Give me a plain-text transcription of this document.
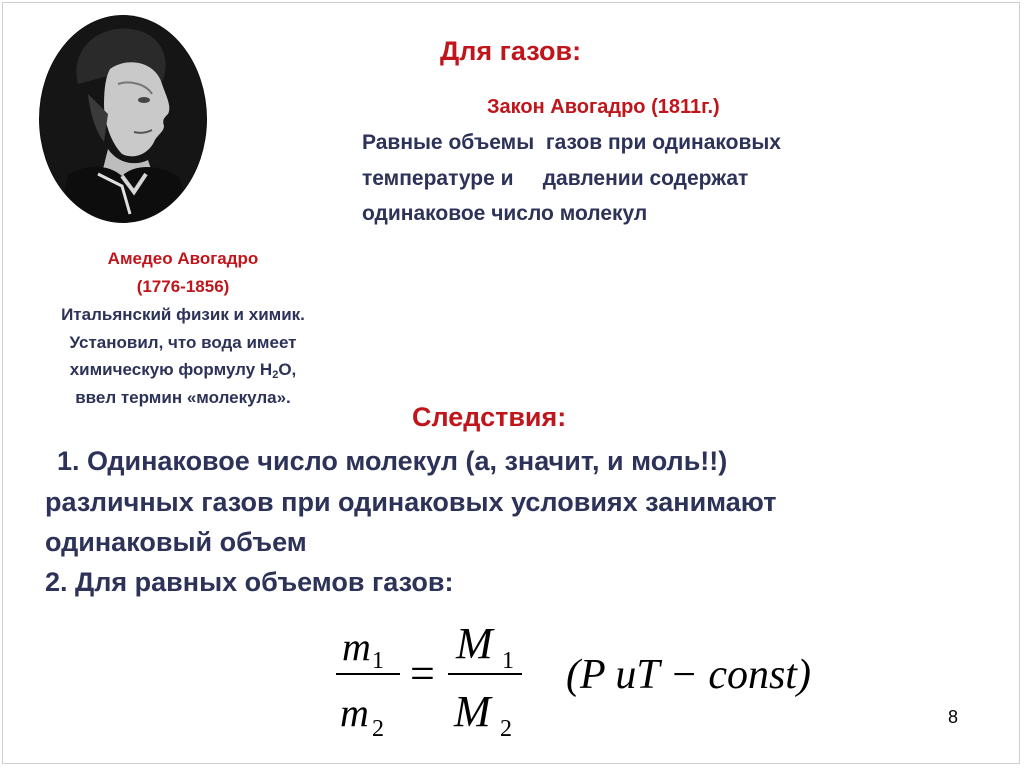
Для газов:
Закон Авогадро (1811г.)
Равные объемы  газов при одинаковых
температуре и     давлении содержат
одинаковое число молекул
Амедео Авогадро
(1776-1856)
Итальянский физик и химик.
Установил, что вода имеет
химическую формулу $Н_2О$,
ввел термин «молекула».
Следствия:
1. Одинаковое число молекул (а, значит, и моль!!)
различных газов при одинаковых условиях занимают
одинаковый объем
2. Для равных объемов газов:
m 1
m 2
=
M 1
M 2
(P uT − const)
8
